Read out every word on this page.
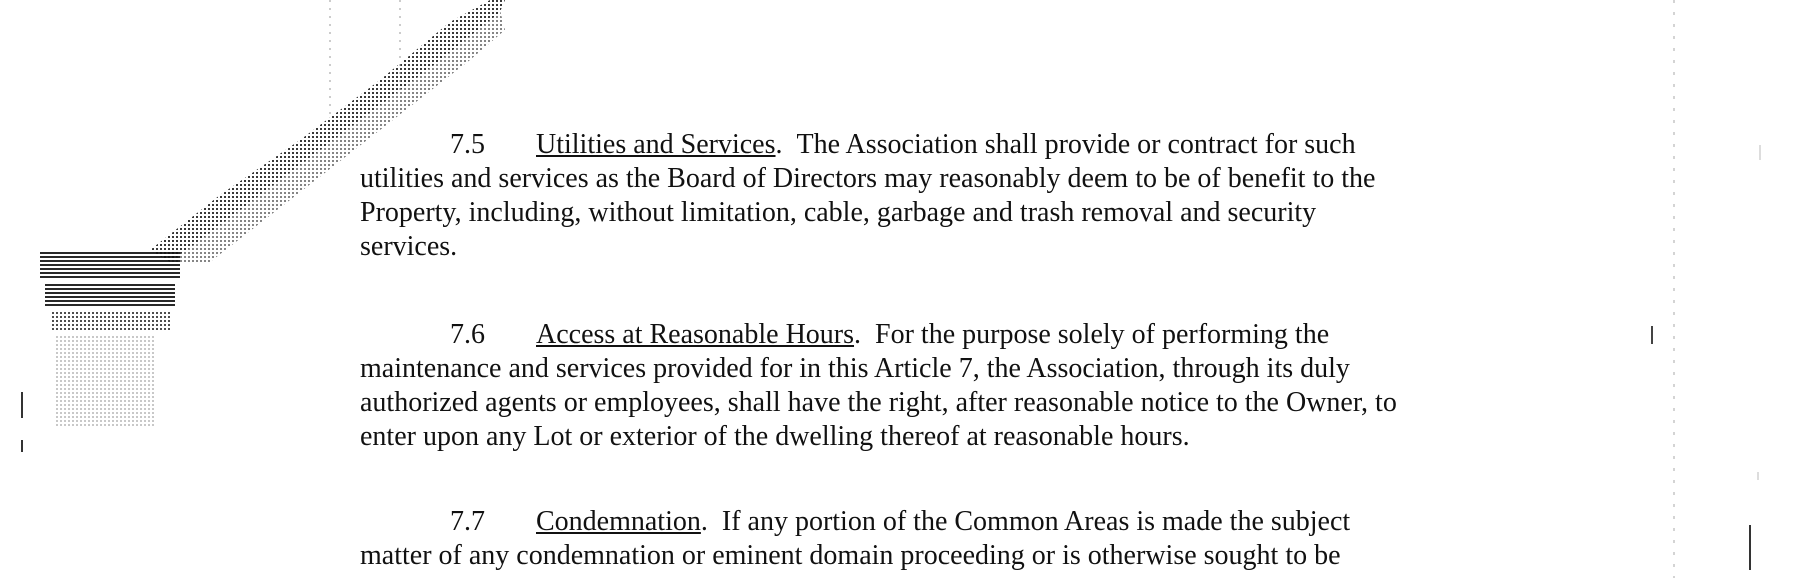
7.5 Utilities and Services. The Association shall provide or contract for such
utilities and services as the Board of Directors may reasonably deem to be of benefit to the
Property, including, without limitation, cable, garbage and trash removal and security
services.

7.6 Access at Reasonable Hours. For the purpose solely of performing the
maintenance and services provided for in this Article 7, the Association, through its duly
authorized agents or employees, shall have the right, after reasonable notice to the Owner, to
enter upon any Lot or exterior of the dwelling thereof at reasonable hours.

7.7 Condemnation. If any portion of the Common Areas is made the subject
matter of any condemnation or eminent domain proceeding or is otherwise sought to be
